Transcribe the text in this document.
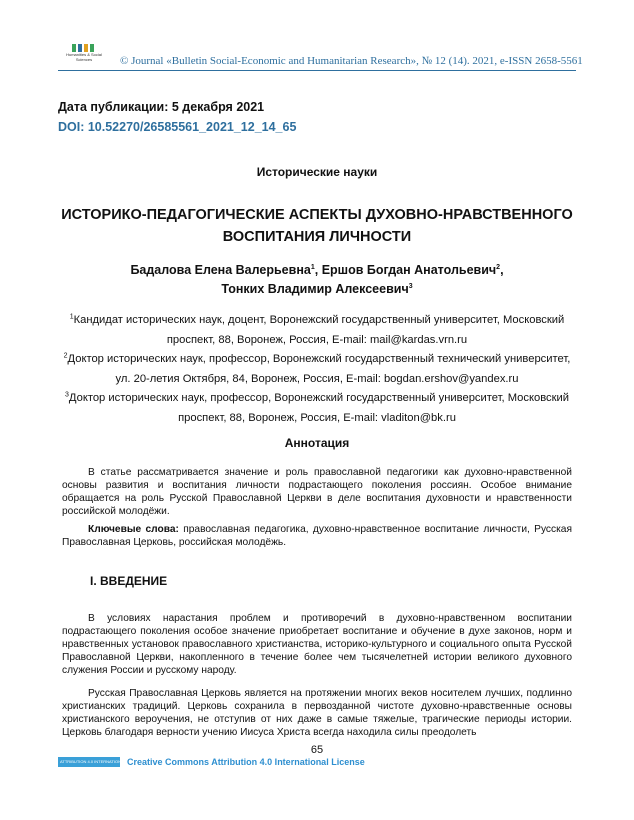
Humanities & Social Sciences	© Journal «Bulletin Social-Economic and Humanitarian Research», № 12 (14). 2021, e-ISSN 2658-5561
Дата публикации: 5 декабря 2021
DOI: 10.52270/26585561_2021_12_14_65
Исторические науки
ИСТОРИКО-ПЕДАГОГИЧЕСКИЕ АСПЕКТЫ ДУХОВНО-НРАВСТВЕННОГО ВОСПИТАНИЯ ЛИЧНОСТИ
Бадалова Елена Валерьевна$^1$, Ершов Богдан Анатольевич$^2$,
Тонких Владимир Алексеевич$^3$
$^1$Кандидат исторических наук, доцент, Воронежский государственный университет, Московский проспект, 88, Воронеж, Россия, E-mail: mail@kardas.vrn.ru
$^2$Доктор исторических наук, профессор, Воронежский государственный технический университет, ул. 20-летия Октября, 84, Воронеж, Россия, E-mail: bogdan.ershov@yandex.ru
$^3$Доктор исторических наук, профессор, Воронежский государственный университет, Московский проспект, 88, Воронеж, Россия, E-mail: vladiton@bk.ru
Аннотация
В статье рассматривается значение и роль православной педагогики как духовно-нравственной основы развития и воспитания личности подрастающего поколения россиян. Особое внимание обращается на роль Русской Православной Церкви в деле воспитания духовности и нравственности российской молодёжи.
Ключевые слова: православная педагогика, духовно-нравственное воспитание личности, Русская Православная Церковь, российская молодёжь.
I. ВВЕДЕНИЕ
В условиях нарастания проблем и противоречий в духовно-нравственном воспитании подрастающего поколения особое значение приобретает воспитание и обучение в духе законов, норм и нравственных установок православного христианства, историко-культурного и социального опыта Русской Православной Церкви, накопленного в течение более чем тысячелетней истории великого духовного служения России и русскому народу.
Русская Православная Церковь является на протяжении многих веков носителем лучших, подлинно христианских традиций. Церковь сохранила в первозданной чистоте духовно-нравственные основы христианского вероучения, не отступив от них даже в самые тяжелые, трагические периоды истории. Церковь благодаря верности учению Иисуса Христа всегда находила силы преодолеть
65
ATTRIBUTION 4.0 INTERNATIONAL Creative Commons Attribution 4.0 International License
